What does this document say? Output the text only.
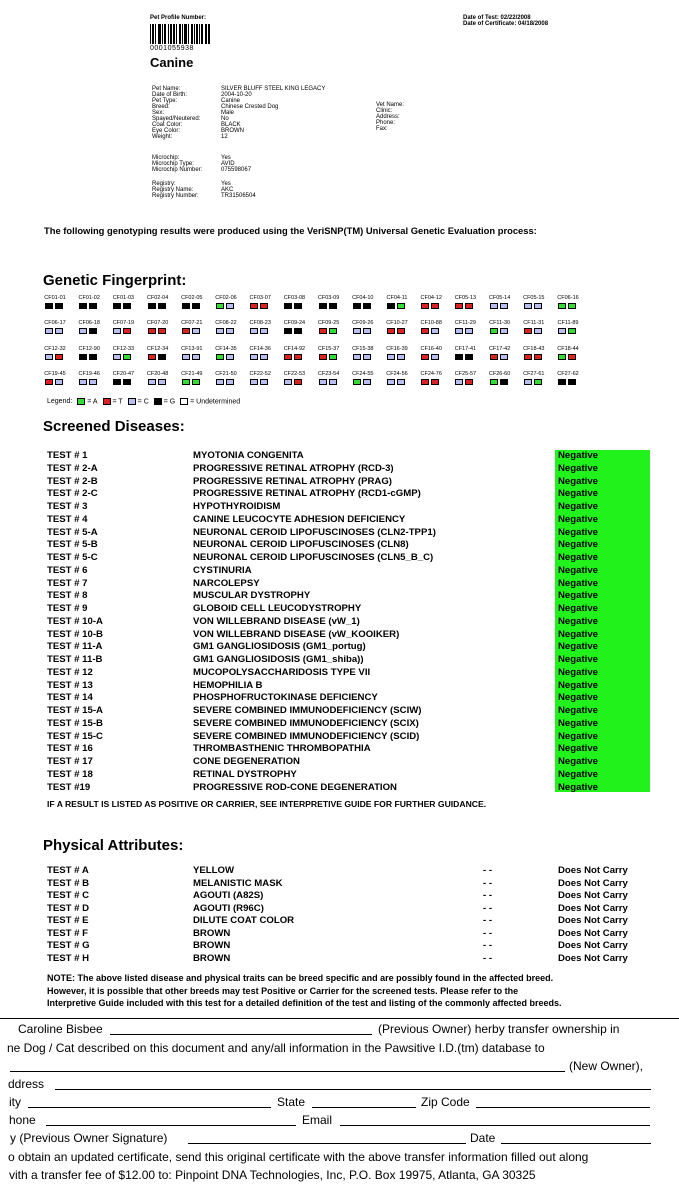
Pet Profile Number:
0001055938
Canine
Date of Test: 02/22/2008
Date of Certificate: 04/18/2008
Pet Name:	SILVER BLUFF STEEL KING LEGACY
Date of Birth:	2004-10-20
Pet Type:	Canine
Breed:	Chinese Crested Dog
Sex:	Male
Spayed/Neutered:	No
Coat Color:	BLACK
Eye Color:	BROWN
Weight:	12
Microchip:	Yes
Microchip Type:	AVID
Microchip Number:	075598067
Registry:	Yes
Registry Name:	AKC
Registry Number:	TR31506504
Vet Name:
Clinic:
Address:
Phone:
Fax:
The following genotyping results were produced using the VeriSNP(TM) Universal Genetic Evaluation process:
Genetic Fingerprint:
CF01-01	CF01-02	CF01-03	CF02-04	CF02-05	CF02-06	CF03-07	CF03-08	CF03-09	CF04-10	CF04-11	CF04-12	CF05-13	CF05-14	CF05-15	CF06-16
CF06-17	CF06-18	CF07-19	CF07-20	CF07-21	CF08-22	CF08-23	CF09-24	CF09-25	CF09-26	CF10-27	CF10-88	CF11-29	CF11-30	CF11-31	CF11-89
CF12-32	CF12-90	CF12-33	CF12-34	CF13-91	CF14-35	CF14-36	CF14-92	CF15-37	CF15-38	CF16-39	CF16-40	CF17-41	CF17-42	CF18-43	CF18-44
CF19-45	CF19-46	CF20-47	CF20-48	CF21-49	CF21-50	CF22-52	CF22-53	CF23-54	CF24-55	CF24-56	CF24-76	CF25-57	CF26-60	CF27-61	CF27-62
Legend:	= A	= T	= C	= G	= Undetermined
Screened Diseases:
TEST # 1	MYOTONIA CONGENITA	Negative
TEST # 2-A	PROGRESSIVE RETINAL ATROPHY (RCD-3)	Negative
TEST # 2-B	PROGRESSIVE RETINAL ATROPHY (PRAG)	Negative
TEST # 2-C	PROGRESSIVE RETINAL ATROPHY (RCD1-cGMP)	Negative
TEST # 3	HYPOTHYROIDISM	Negative
TEST # 4	CANINE LEUCOCYTE ADHESION DEFICIENCY	Negative
TEST # 5-A	NEURONAL CEROID LIPOFUSCINOSES (CLN2-TPP1)	Negative
TEST # 5-B	NEURONAL CEROID LIPOFUSCINOSES (CLN8)	Negative
TEST # 5-C	NEURONAL CEROID LIPOFUSCINOSES (CLN5_B_C)	Negative
TEST # 6	CYSTINURIA	Negative
TEST # 7	NARCOLEPSY	Negative
TEST # 8	MUSCULAR DYSTROPHY	Negative
TEST # 9	GLOBOID CELL LEUCODYSTROPHY	Negative
TEST # 10-A	VON WILLEBRAND DISEASE (vW_1)	Negative
TEST # 10-B	VON WILLEBRAND DISEASE (vW_KOOIKER)	Negative
TEST # 11-A	GM1 GANGLIOSIDOSIS (GM1_portug)	Negative
TEST # 11-B	GM1 GANGLIOSIDOSIS (GM1_shiba))	Negative
TEST # 12	MUCOPOLYSACCHARIDOSIS TYPE VII	Negative
TEST # 13	HEMOPHILIA B	Negative
TEST # 14	PHOSPHOFRUCTOKINASE DEFICIENCY	Negative
TEST # 15-A	SEVERE COMBINED IMMUNODEFICIENCY (SCIW)	Negative
TEST # 15-B	SEVERE COMBINED IMMUNODEFICIENCY (SCIX)	Negative
TEST # 15-C	SEVERE COMBINED IMMUNODEFICIENCY (SCID)	Negative
TEST # 16	THROMBASTHENIC THROMBOPATHIA	Negative
TEST # 17	CONE DEGENERATION	Negative
TEST # 18	RETINAL DYSTROPHY	Negative
TEST #19	PROGRESSIVE ROD-CONE DEGENERATION	Negative
IF A RESULT IS LISTED AS POSITIVE OR CARRIER, SEE INTERPRETIVE GUIDE FOR FURTHER GUIDANCE.
Physical Attributes:
TEST # A	YELLOW	- -	Does Not Carry
TEST # B	MELANISTIC MASK	- -	Does Not Carry
TEST # C	AGOUTI (A82S)	- -	Does Not Carry
TEST # D	AGOUTI (R96C)	- -	Does Not Carry
TEST # E	DILUTE COAT COLOR	- -	Does Not Carry
TEST # F	BROWN	- -	Does Not Carry
TEST # G	BROWN	- -	Does Not Carry
TEST # H	BROWN	- -	Does Not Carry
NOTE: The above listed disease and physical traits can be breed specific and are possibly found in the affected breed.
However, it is possible that other breeds may test Positive or Carrier for the screened tests. Please refer to the
Interpretive Guide included with this test for a detailed definition of the test and listing of the commonly affected breeds.
Caroline Bisbee	(Previous Owner) herby transfer ownership in
ne Dog / Cat described on this document and any/all information in the Pawsitive I.D.(tm) database to
(New Owner),
ddress
ity	State	Zip Code
hone	Email
y (Previous Owner Signature)	Date
o obtain an updated certificate, send this original certificate with the above transfer information filled out along
vith a transfer fee of $12.00 to: Pinpoint DNA Technologies, Inc, P.O. Box 19975, Atlanta, GA 30325
